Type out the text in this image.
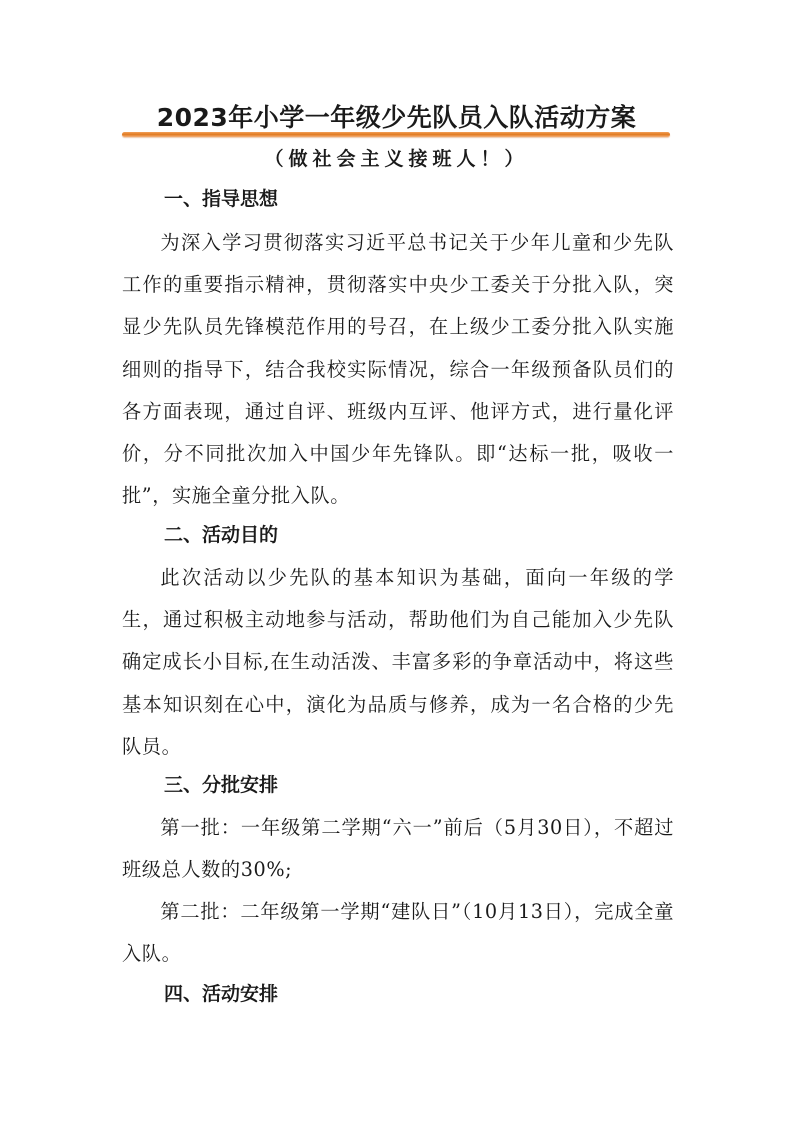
2023年小学一年级少先队员入队活动方案

（做社会主义接班人！）

一、指导思想

为深入学习贯彻落实习近平总书记关于少年儿童和少先队工作的重要指示精神，贯彻落实中央少工委关于分批入队，突显少先队员先锋模范作用的号召，在上级少工委分批入队实施细则的指导下，结合我校实际情况，综合一年级预备队员们的各方面表现，通过自评、班级内互评、他评方式，进行量化评价，分不同批次加入中国少年先锋队。即“达标一批，吸收一批”，实施全童分批入队。

二、活动目的

此次活动以少先队的基本知识为基础，面向一年级的学生，通过积极主动地参与活动，帮助他们为自己能加入少先队确定成长小目标,在生动活泼、丰富多彩的争章活动中，将这些基本知识刻在心中，演化为品质与修养，成为一名合格的少先队员。

三、分批安排

第一批：一年级第二学期“六一”前后（5月30日），不超过班级总人数的30%;

第二批：二年级第一学期“建队日”（10月13日），完成全童入队。

四、活动安排
